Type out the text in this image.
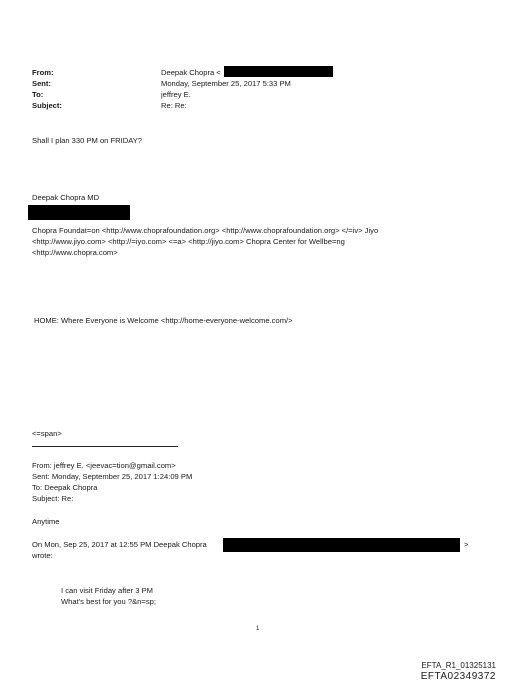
From:	Deepak Chopra <
Sent:	Monday, September 25, 2017 5:33 PM
To:	jeffrey E.
Subject:	Re: Re:
Shall I plan 330 PM on FRIDAY?
Deepak Chopra MD
Chopra Foundat=on <http://www.choprafoundation.org> <http://www.choprafoundation.org> </=iv> Jiyo
<http://www.jiyo.com> <http://=iyo.com> <=a> <http://jiyo.com> Chopra Center for Wellbe=ng
<http://www.chopra.com>
HOME: Where Everyone is Welcome <http://home-everyone-welcome.com/>
<=span>
From: jeffrey E. <jeevac=tion@gmail.com>
Sent: Monday, September 25, 2017 1:24:09 PM
To: Deepak Chopra
Subject: Re:
Anytime
On Mon, Sep 25, 2017 at 12:55 PM Deepak Chopra	>
wrote:
I can visit Friday after 3 PM
What's best for you ?&n=sp;
1
EFTA_R1_01325131
EFTA02349372
